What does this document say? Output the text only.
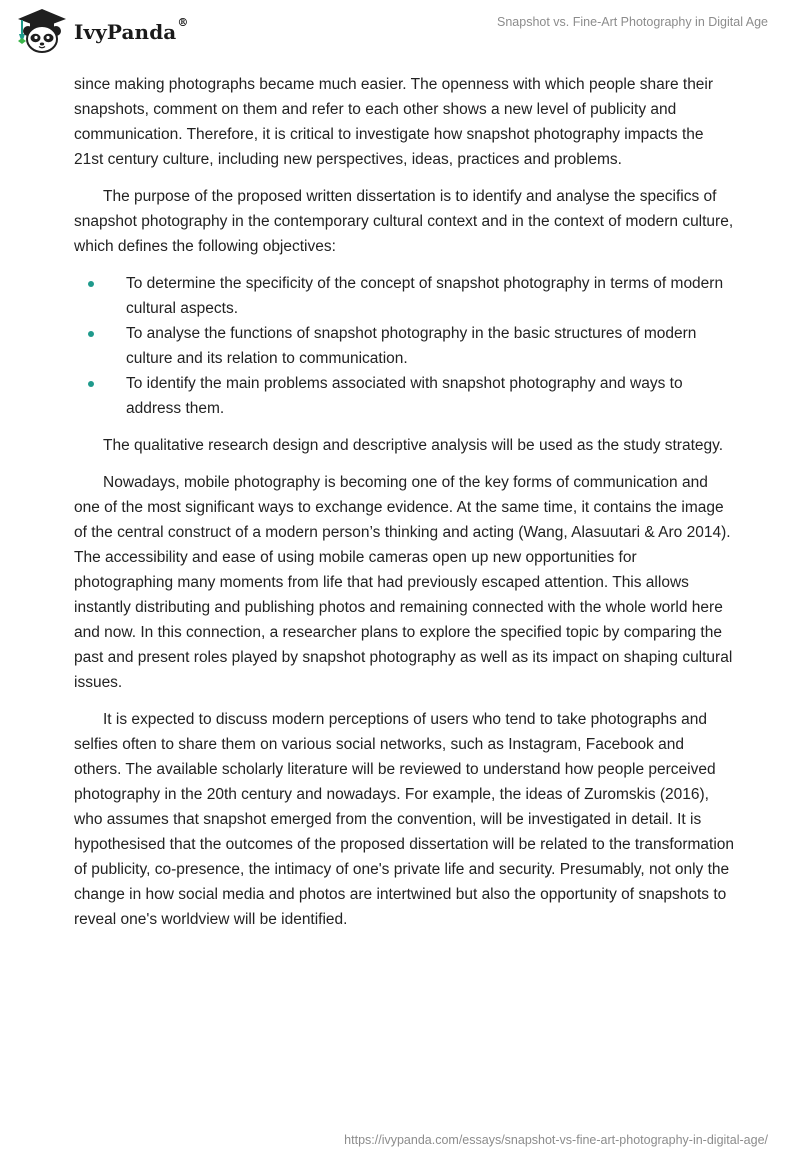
IvyPanda®	Snapshot vs. Fine-Art Photography in Digital Age

since making photographs became much easier. The openness with which people share their snapshots, comment on them and refer to each other shows a new level of publicity and communication. Therefore, it is critical to investigate how snapshot photography impacts the 21st century culture, including new perspectives, ideas, practices and problems.

The purpose of the proposed written dissertation is to identify and analyse the specifics of snapshot photography in the contemporary cultural context and in the context of modern culture, which defines the following objectives:

To determine the specificity of the concept of snapshot photography in terms of modern cultural aspects.
To analyse the functions of snapshot photography in the basic structures of modern culture and its relation to communication.
To identify the main problems associated with snapshot photography and ways to address them.

The qualitative research design and descriptive analysis will be used as the study strategy.

Nowadays, mobile photography is becoming one of the key forms of communication and one of the most significant ways to exchange evidence. At the same time, it contains the image of the central construct of a modern person’s thinking and acting (Wang, Alasuutari & Aro 2014). The accessibility and ease of using mobile cameras open up new opportunities for photographing many moments from life that had previously escaped attention. This allows instantly distributing and publishing photos and remaining connected with the whole world here and now. In this connection, a researcher plans to explore the specified topic by comparing the past and present roles played by snapshot photography as well as its impact on shaping cultural issues.

It is expected to discuss modern perceptions of users who tend to take photographs and selfies often to share them on various social networks, such as Instagram, Facebook and others. The available scholarly literature will be reviewed to understand how people perceived photography in the 20th century and nowadays. For example, the ideas of Zuromskis (2016), who assumes that snapshot emerged from the convention, will be investigated in detail. It is hypothesised that the outcomes of the proposed dissertation will be related to the transformation of publicity, co-presence, the intimacy of one's private life and security. Presumably, not only the change in how social media and photos are intertwined but also the opportunity of snapshots to reveal one's worldview will be identified.

https://ivypanda.com/essays/snapshot-vs-fine-art-photography-in-digital-age/
